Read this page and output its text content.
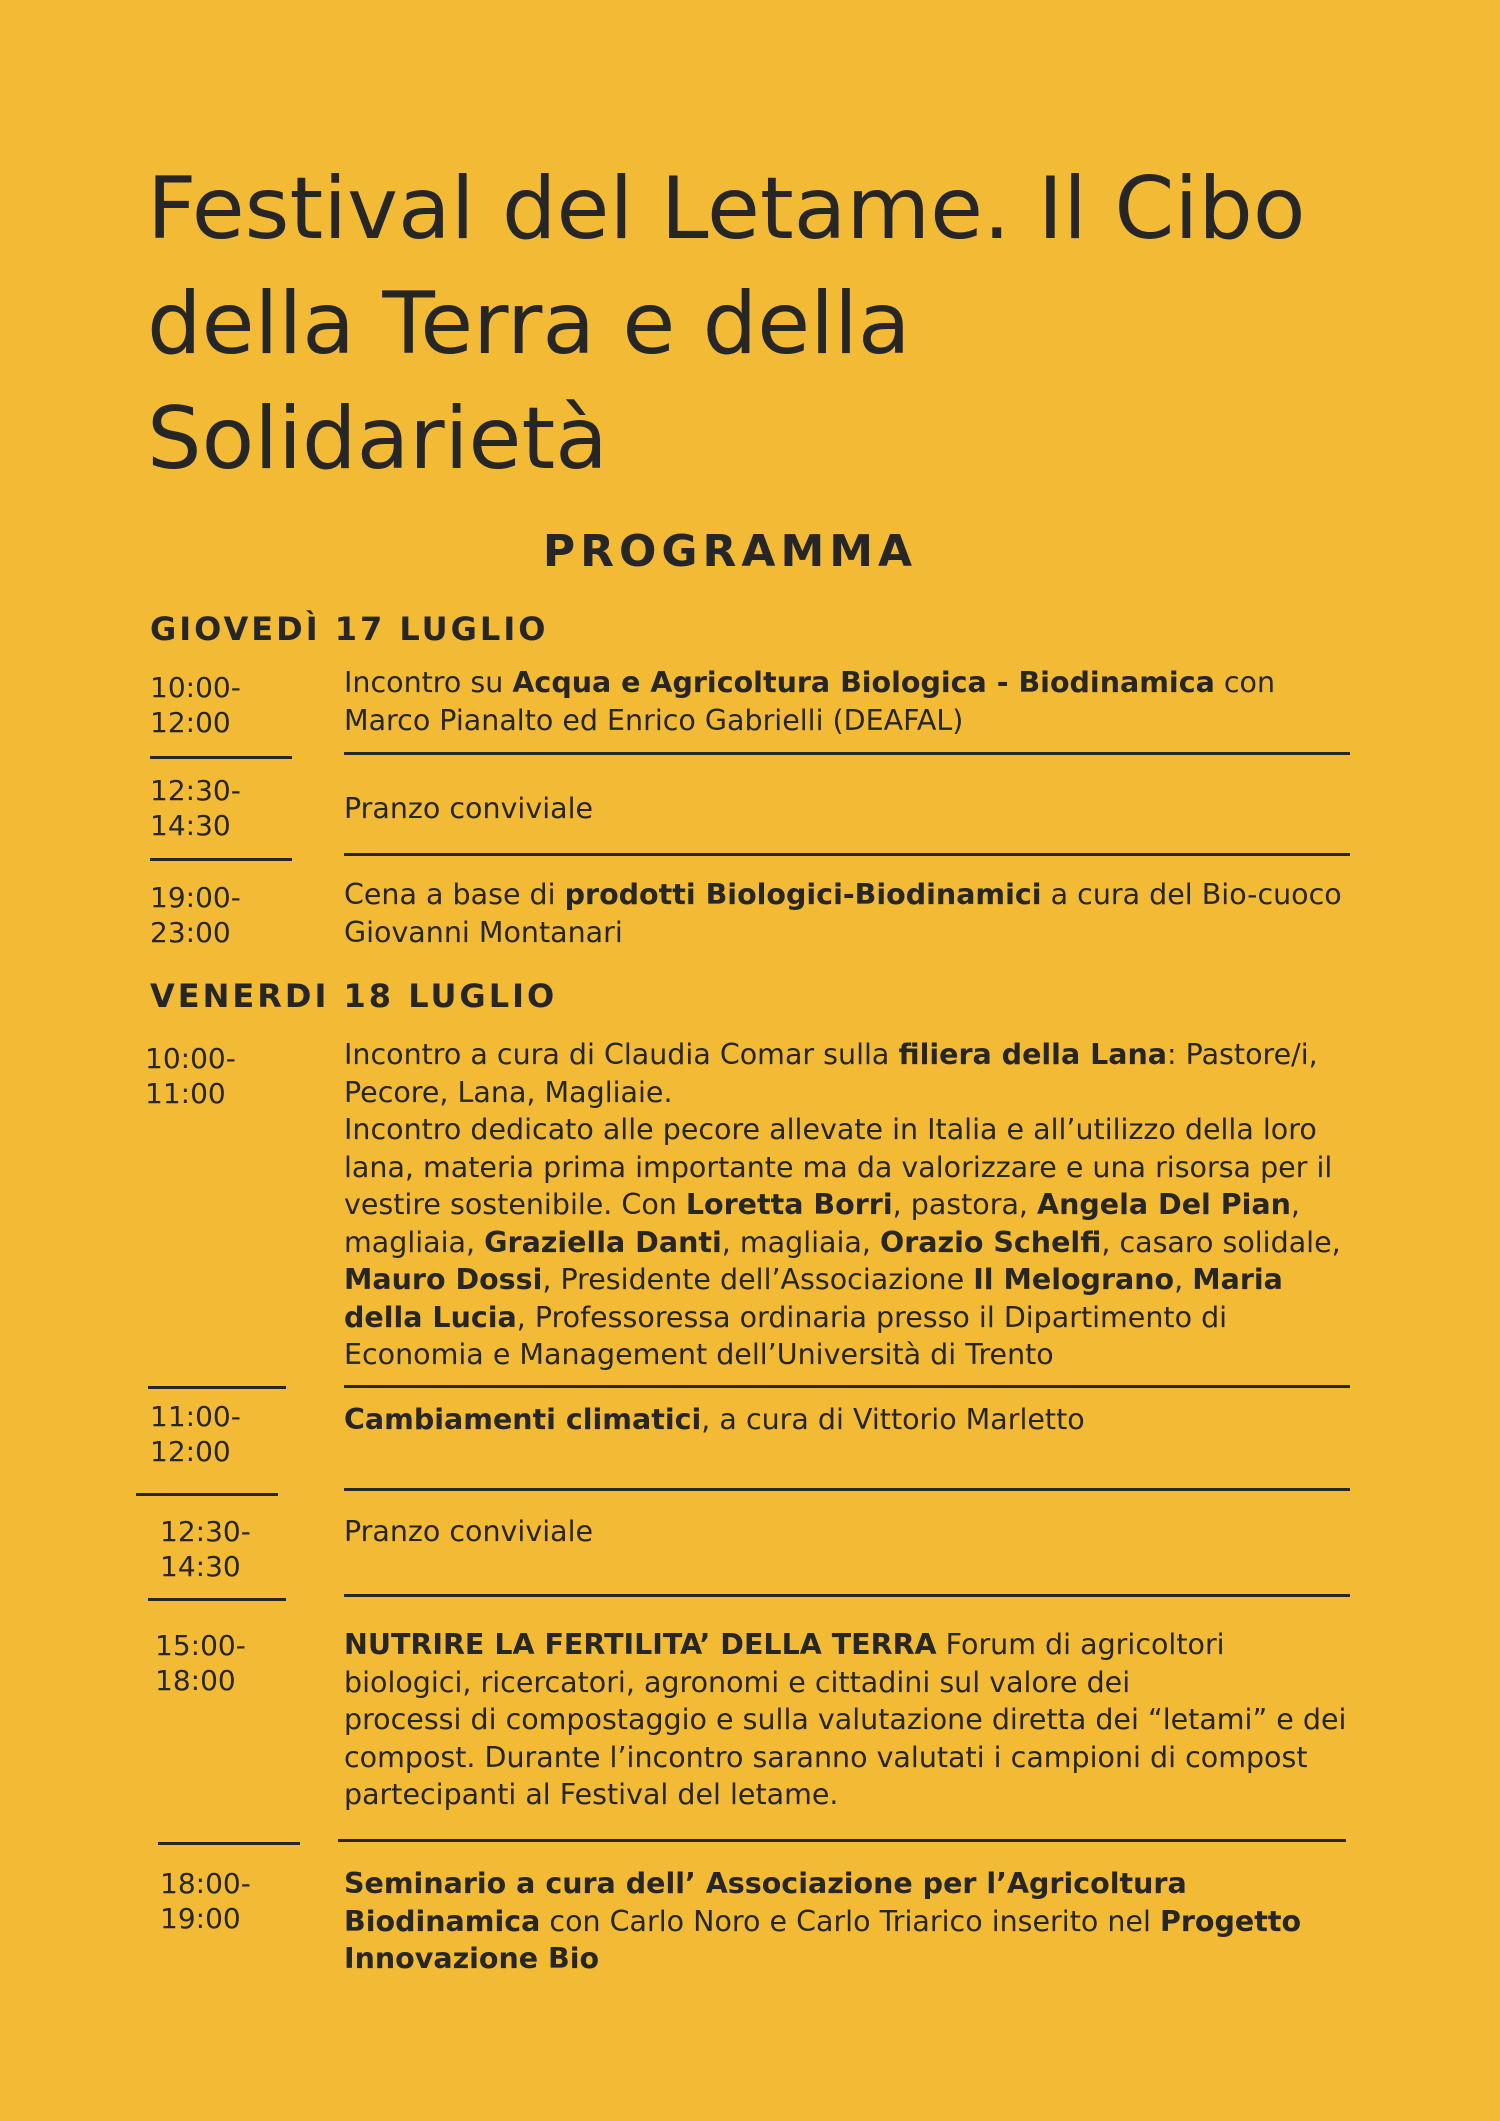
Festival del Letame. Il Cibo della Terra e della Solidarietà
PROGRAMMA
GIOVEDÌ 17 LUGLIO
10:00-
12:00
Incontro su Acqua e Agricoltura Biologica - Biodinamica con Marco Pianalto ed Enrico Gabrielli (DEAFAL)
12:30-
14:30
Pranzo conviviale
19:00-
23:00
Cena a base di prodotti Biologici-Biodinamici a cura del Bio-cuoco Giovanni Montanari
VENERDI 18 LUGLIO
10:00-
11:00
Incontro a cura di Claudia Comar sulla filiera della Lana: Pastore/i, Pecore, Lana, Magliaie.
Incontro dedicato alle pecore allevate in Italia e all’utilizzo della loro lana, materia prima importante ma da valorizzare e una risorsa per il vestire sostenibile. Con Loretta Borri, pastora, Angela Del Pian, magliaia, Graziella Danti, magliaia, Orazio Schelfi, casaro solidale, Mauro Dossi, Presidente dell’Associazione Il Melograno, Maria della Lucia, Professoressa ordinaria presso il Dipartimento di Economia e Management dell’Università di Trento
11:00-
12:00
Cambiamenti climatici, a cura di Vittorio Marletto
12:30-
14:30
Pranzo conviviale
15:00-
18:00
NUTRIRE LA FERTILITA’ DELLA TERRA Forum di agricoltori biologici, ricercatori, agronomi e cittadini sul valore dei
processi di compostaggio e sulla valutazione diretta dei “letami” e dei compost. Durante l’incontro saranno valutati i campioni di compost partecipanti al Festival del letame.
18:00-
19:00
Seminario a cura dell’ Associazione per l’Agricoltura Biodinamica con Carlo Noro e Carlo Triarico inserito nel Progetto Innovazione Bio
